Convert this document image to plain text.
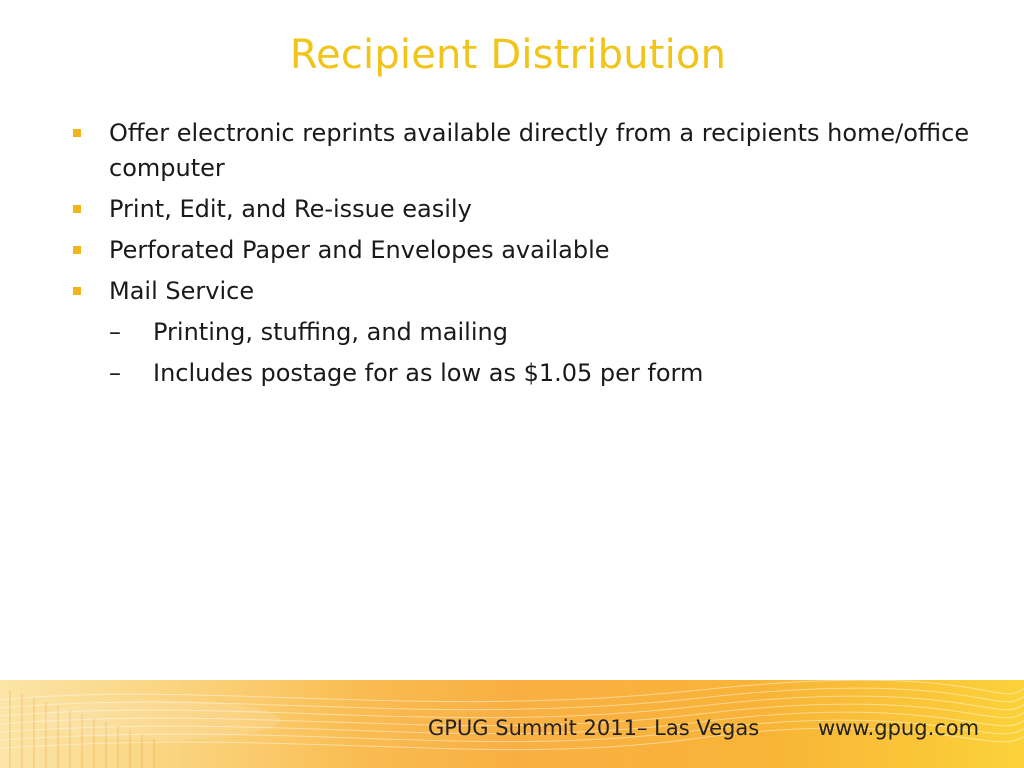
Recipient Distribution
Offer electronic reprints available directly from a recipients home/office computer
Print, Edit, and Re-issue easily
Perforated Paper and Envelopes available
Mail Service
– Printing, stuffing, and mailing
– Includes postage for as low as $1.05 per form
GPUG Summit 2011– Las Vegas	www.gpug.com
